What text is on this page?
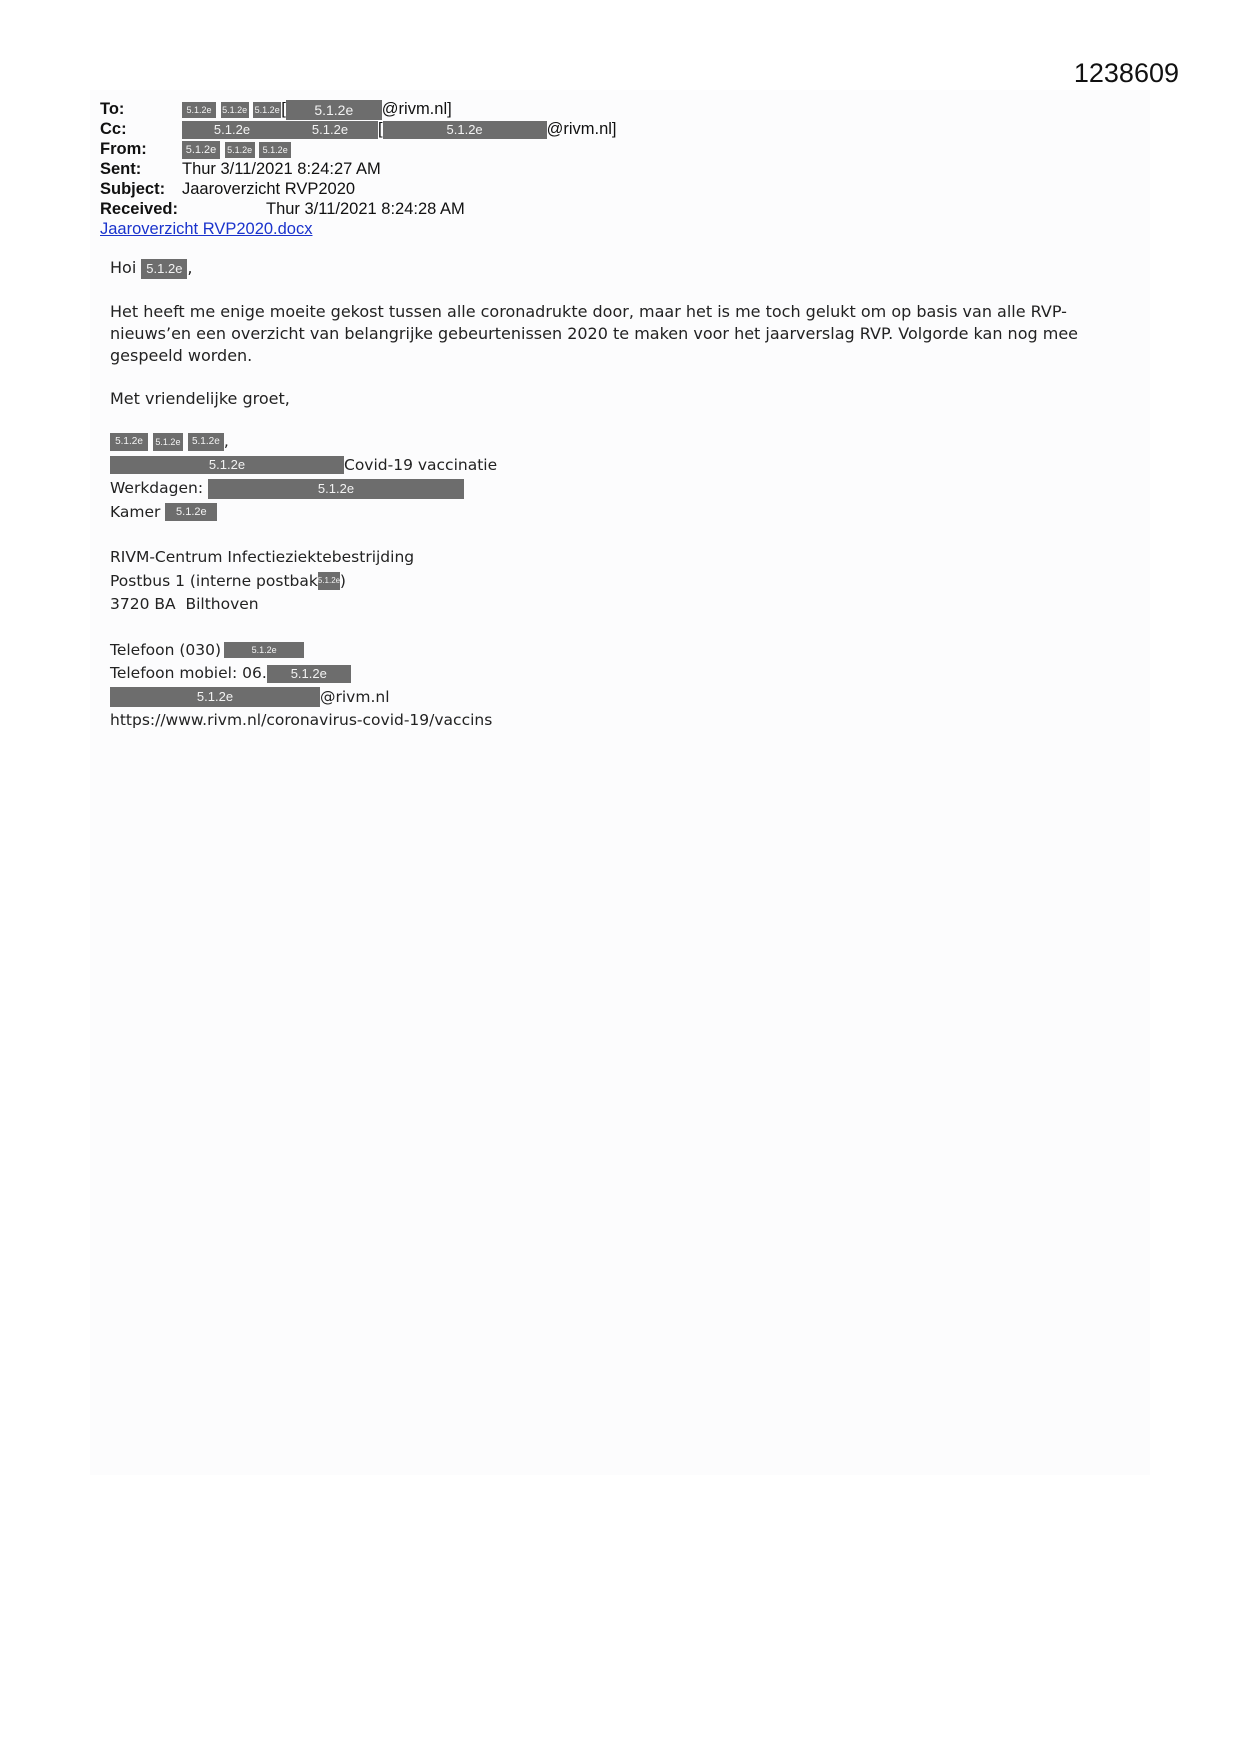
1238609
To:	5.1.2e 5.1.2e 5.1.2e[ 5.1.2e @rivm.nl]
Cc:	5.1.2e	5.1.2e [	5.1.2e	@rivm.nl]
From:	5.1.2e 5.1.2e 5.1.2e
Sent: Thur 3/11/2021 8:24:27 AM
Subject: Jaaroverzicht RVP2020
Received:	Thur 3/11/2021 8:24:28 AM
Jaaroverzicht RVP2020.docx

Hoi 5.1.2e ,

Het heeft me enige moeite gekost tussen alle coronadrukte door, maar het is me toch gelukt om op basis van alle RVP-nieuws’en een overzicht van belangrijke gebeurtenissen 2020 te maken voor het jaarverslag RVP. Volgorde kan nog mee gespeeld worden.

Met vriendelijke groet,

5.1.2e 5.1.2e 5.1.2e ,
5.1.2e	Covid-19 vaccinatie
Werkdagen:	5.1.2e
Kamer 5.1.2e
RIVM-Centrum Infectieziektebestrijding
Postbus 1 (interne postbak5.1.2e)
3720 BA  Bilthoven
Telefoon (030)	5.1.2e
Telefoon mobiel: 06. 5.1.2e
5.1.2e	@rivm.nl
https://www.rivm.nl/coronavirus-covid-19/vaccins
